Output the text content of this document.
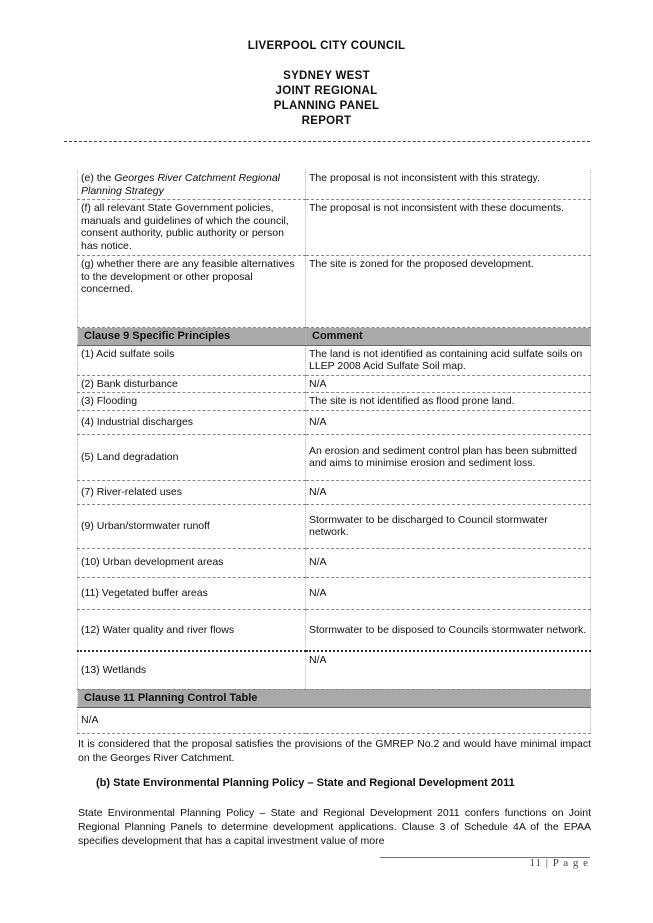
LIVERPOOL CITY COUNCIL
SYDNEY WEST
JOINT REGIONAL
PLANNING PANEL
REPORT
(e) the Georges River Catchment Regional Planning Strategy	The proposal is not inconsistent with this strategy.
(f) all relevant State Government policies, manuals and guidelines of which the council, consent authority, public authority or person has notice.	The proposal is not inconsistent with these documents.
(g) whether there are any feasible alternatives to the development or other proposal concerned.	The site is zoned for the proposed development.
Clause 9 Specific Principles	Comment
(1) Acid sulfate soils	The land is not identified as containing acid sulfate soils on LLEP 2008 Acid Sulfate Soil map.
(2) Bank disturbance	N/A
(3) Flooding	The site is not identified as flood prone land.
(4) Industrial discharges	N/A
(5) Land degradation	An erosion and sediment control plan has been submitted and aims to minimise erosion and sediment loss.
(7) River-related uses	N/A
(9) Urban/stormwater runoff	Stormwater to be discharged to Council stormwater network.
(10) Urban development areas	N/A
(11) Vegetated buffer areas	N/A
(12) Water quality and river flows	Stormwater to be disposed to Councils stormwater network.
(13) Wetlands	N/A
Clause 11 Planning Control Table	
N/A	
It is considered that the proposal satisfies the provisions of the GMREP No.2 and would have minimal impact on the Georges River Catchment.
(b) State Environmental Planning Policy – State and Regional Development 2011
State Environmental Planning Policy – State and Regional Development 2011 confers functions on Joint Regional Planning Panels to determine development applications. Clause 3 of Schedule 4A of the EPAA specifies development that has a capital investment value of more
11 | P a g e
